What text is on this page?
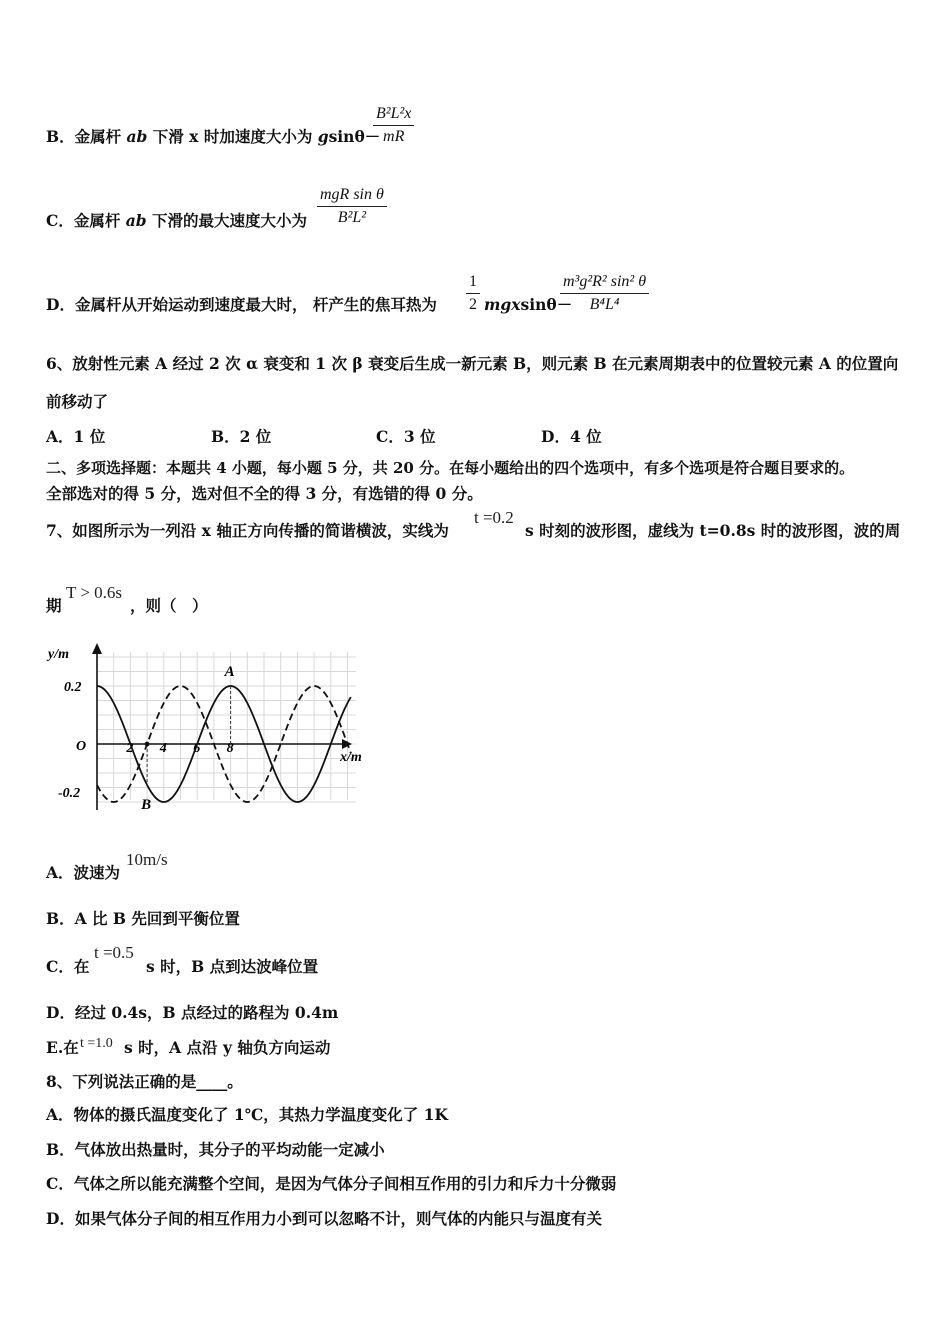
B．金属杆 ab 下滑 x 时加速度大小为 gsinθ－
$\frac{\text{B²L²x}}{mR}$
C．金属杆 ab 下滑的最大速度大小为
mgR sin θ
B²L²
D．金属杆从开始运动到速度最大时， 杆产生的焦耳热为 $\frac{1}{2} mgxsin\theta-$
$\frac{\text{m³g²R² sin² θ}}{\text{B⁴L⁴}}$
6、放射性元素 A 经过 2 次 α 衰变和 1 次 β 衰变后生成一新元素 B，则元素 B 在元素周期表中的位置较元素 A 的位置向
前移动了
A．1 位	B．2 位	C．3 位	D．4 位
二、多项选择题：本题共 4 小题，每小题 5 分，共 20 分。在每小题给出的四个选项中，有多个选项是符合题目要求的。
全部选对的得 5 分，选对但不全的得 3 分，有选错的得 0 分。
7、如图所示为一列沿 x 轴正方向传播的简谐横波，实线为
t =0.2
s 时刻的波形图，虚线为 t=0.8s 时的波形图，波的周
期
T > 0.6s
，则（　）
y/m
x/m
O
0.2
-0.2
2 4 6 8
A
B
A．波速为
10m/s
B．A 比 B 先回到平衡位置
C．在
t =0.5
s 时，B 点到达波峰位置
D．经过 0.4s，B 点经过的路程为 0.4m
E.在 t =1.0 s 时，A 点沿 y 轴负方向运动
8、下列说法正确的是____。
A．物体的摄氏温度变化了 1℃，其热力学温度变化了 1K
B．气体放出热量时，其分子的平均动能一定减小
C．气体之所以能充满整个空间，是因为气体分子间相互作用的引力和斥力十分微弱
D．如果气体分子间的相互作用力小到可以忽略不计，则气体的内能只与温度有关
